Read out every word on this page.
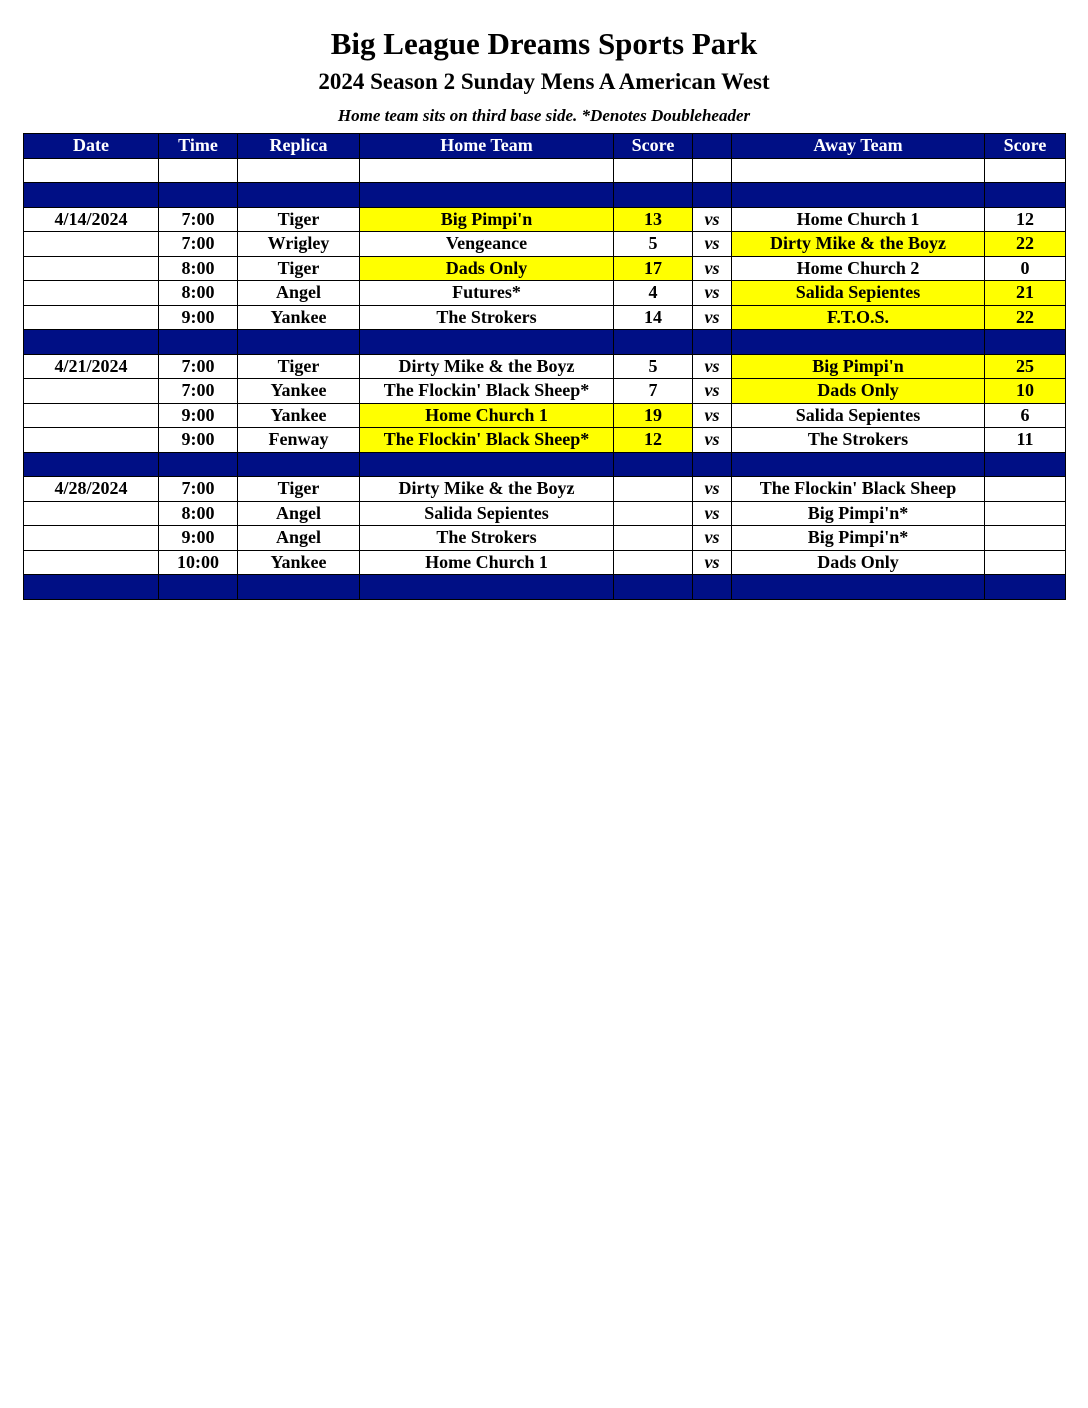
Big League Dreams Sports Park
2024 Season 2 Sunday Mens A American West
Home team sits on third base side. *Denotes Doubleheader
Date	Time	Replica	Home Team	Score		Away Team	Score

4/14/2024	7:00	Tiger	Big Pimpi'n	13	vs	Home Church 1	12
	7:00	Wrigley	Vengeance	5	vs	Dirty Mike & the Boyz	22
	8:00	Tiger	Dads Only	17	vs	Home Church 2	0
	8:00	Angel	Futures*	4	vs	Salida Sepientes	21
	9:00	Yankee	The Strokers	14	vs	F.T.O.S.	22

4/21/2024	7:00	Tiger	Dirty Mike & the Boyz	5	vs	Big Pimpi'n	25
	7:00	Yankee	The Flockin' Black Sheep*	7	vs	Dads Only	10
	9:00	Yankee	Home Church 1	19	vs	Salida Sepientes	6
	9:00	Fenway	The Flockin' Black Sheep*	12	vs	The Strokers	11

4/28/2024	7:00	Tiger	Dirty Mike & the Boyz		vs	The Flockin' Black Sheep	
	8:00	Angel	Salida Sepientes		vs	Big Pimpi'n*	
	9:00	Angel	The Strokers		vs	Big Pimpi'n*	
	10:00	Yankee	Home Church 1		vs	Dads Only	
